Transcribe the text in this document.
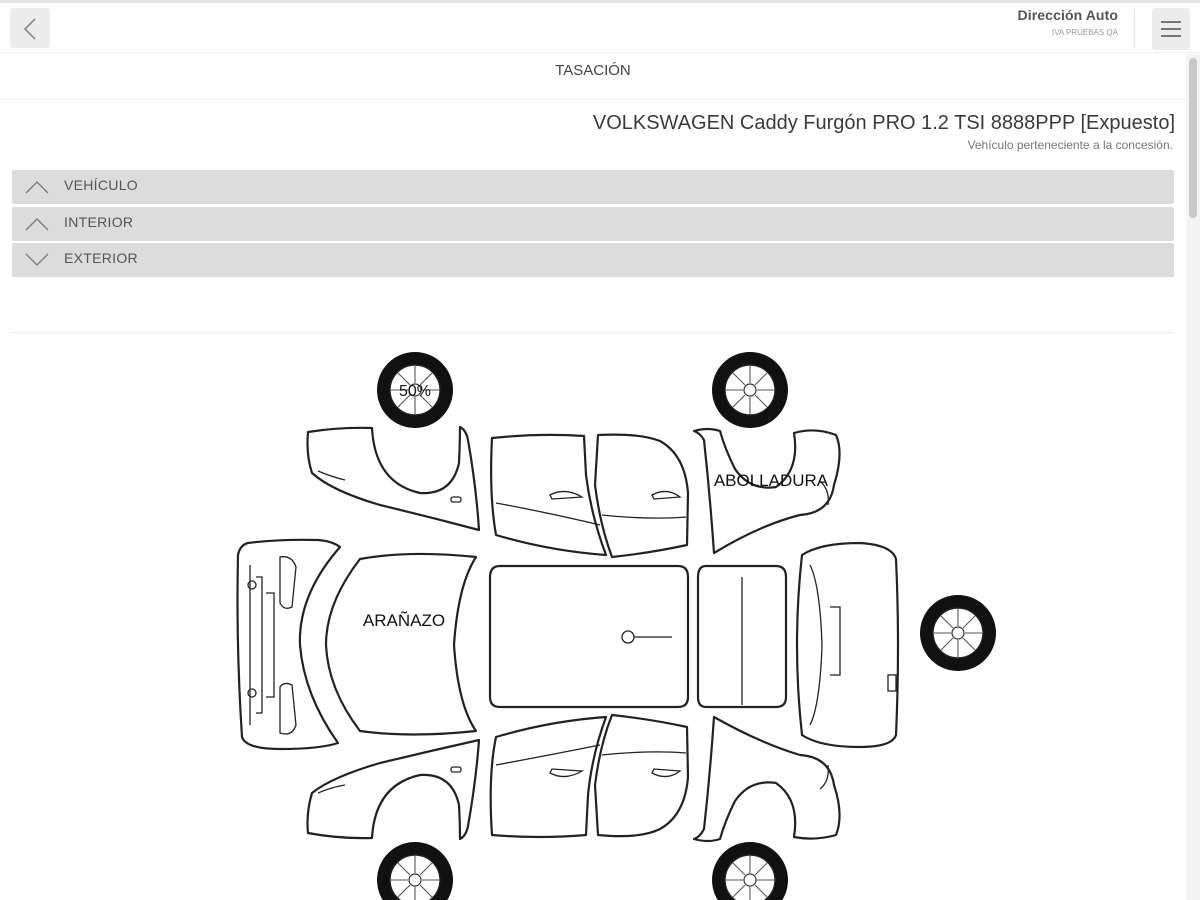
Dirección Auto
IVA PRUEBAS QA
TASACIÓN
VOLKSWAGEN Caddy Furgón PRO 1.2 TSI 8888PPP [Expuesto]
Vehículo perteneciente a la concesión.
VEHÍCULO
INTERIOR
EXTERIOR
ABOLLADURA
ARAÑAZO
50%
